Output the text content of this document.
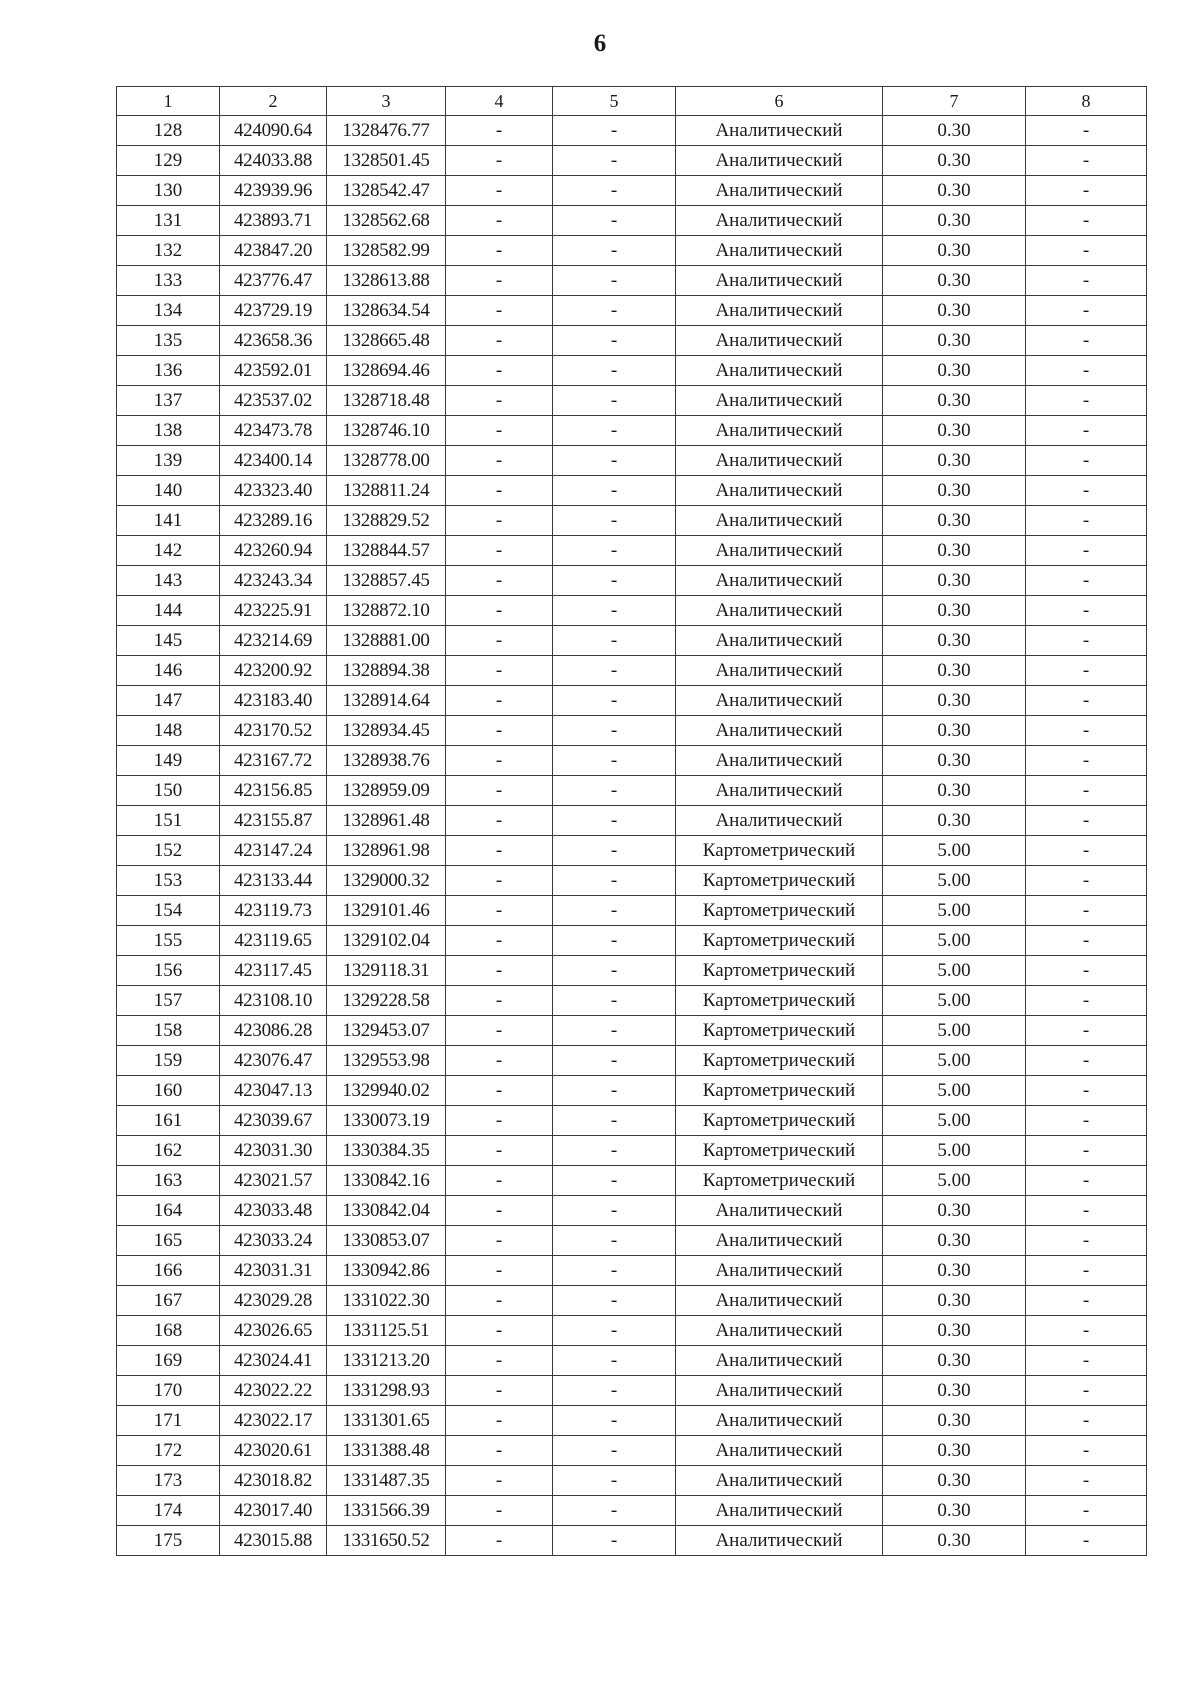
6
1	2	3	4	5	6	7	8
128	424090.64	1328476.77	-	-	Аналитический	0.30	-
129	424033.88	1328501.45	-	-	Аналитический	0.30	-
130	423939.96	1328542.47	-	-	Аналитический	0.30	-
131	423893.71	1328562.68	-	-	Аналитический	0.30	-
132	423847.20	1328582.99	-	-	Аналитический	0.30	-
133	423776.47	1328613.88	-	-	Аналитический	0.30	-
134	423729.19	1328634.54	-	-	Аналитический	0.30	-
135	423658.36	1328665.48	-	-	Аналитический	0.30	-
136	423592.01	1328694.46	-	-	Аналитический	0.30	-
137	423537.02	1328718.48	-	-	Аналитический	0.30	-
138	423473.78	1328746.10	-	-	Аналитический	0.30	-
139	423400.14	1328778.00	-	-	Аналитический	0.30	-
140	423323.40	1328811.24	-	-	Аналитический	0.30	-
141	423289.16	1328829.52	-	-	Аналитический	0.30	-
142	423260.94	1328844.57	-	-	Аналитический	0.30	-
143	423243.34	1328857.45	-	-	Аналитический	0.30	-
144	423225.91	1328872.10	-	-	Аналитический	0.30	-
145	423214.69	1328881.00	-	-	Аналитический	0.30	-
146	423200.92	1328894.38	-	-	Аналитический	0.30	-
147	423183.40	1328914.64	-	-	Аналитический	0.30	-
148	423170.52	1328934.45	-	-	Аналитический	0.30	-
149	423167.72	1328938.76	-	-	Аналитический	0.30	-
150	423156.85	1328959.09	-	-	Аналитический	0.30	-
151	423155.87	1328961.48	-	-	Аналитический	0.30	-
152	423147.24	1328961.98	-	-	Картометрический	5.00	-
153	423133.44	1329000.32	-	-	Картометрический	5.00	-
154	423119.73	1329101.46	-	-	Картометрический	5.00	-
155	423119.65	1329102.04	-	-	Картометрический	5.00	-
156	423117.45	1329118.31	-	-	Картометрический	5.00	-
157	423108.10	1329228.58	-	-	Картометрический	5.00	-
158	423086.28	1329453.07	-	-	Картометрический	5.00	-
159	423076.47	1329553.98	-	-	Картометрический	5.00	-
160	423047.13	1329940.02	-	-	Картометрический	5.00	-
161	423039.67	1330073.19	-	-	Картометрический	5.00	-
162	423031.30	1330384.35	-	-	Картометрический	5.00	-
163	423021.57	1330842.16	-	-	Картометрический	5.00	-
164	423033.48	1330842.04	-	-	Аналитический	0.30	-
165	423033.24	1330853.07	-	-	Аналитический	0.30	-
166	423031.31	1330942.86	-	-	Аналитический	0.30	-
167	423029.28	1331022.30	-	-	Аналитический	0.30	-
168	423026.65	1331125.51	-	-	Аналитический	0.30	-
169	423024.41	1331213.20	-	-	Аналитический	0.30	-
170	423022.22	1331298.93	-	-	Аналитический	0.30	-
171	423022.17	1331301.65	-	-	Аналитический	0.30	-
172	423020.61	1331388.48	-	-	Аналитический	0.30	-
173	423018.82	1331487.35	-	-	Аналитический	0.30	-
174	423017.40	1331566.39	-	-	Аналитический	0.30	-
175	423015.88	1331650.52	-	-	Аналитический	0.30	-
